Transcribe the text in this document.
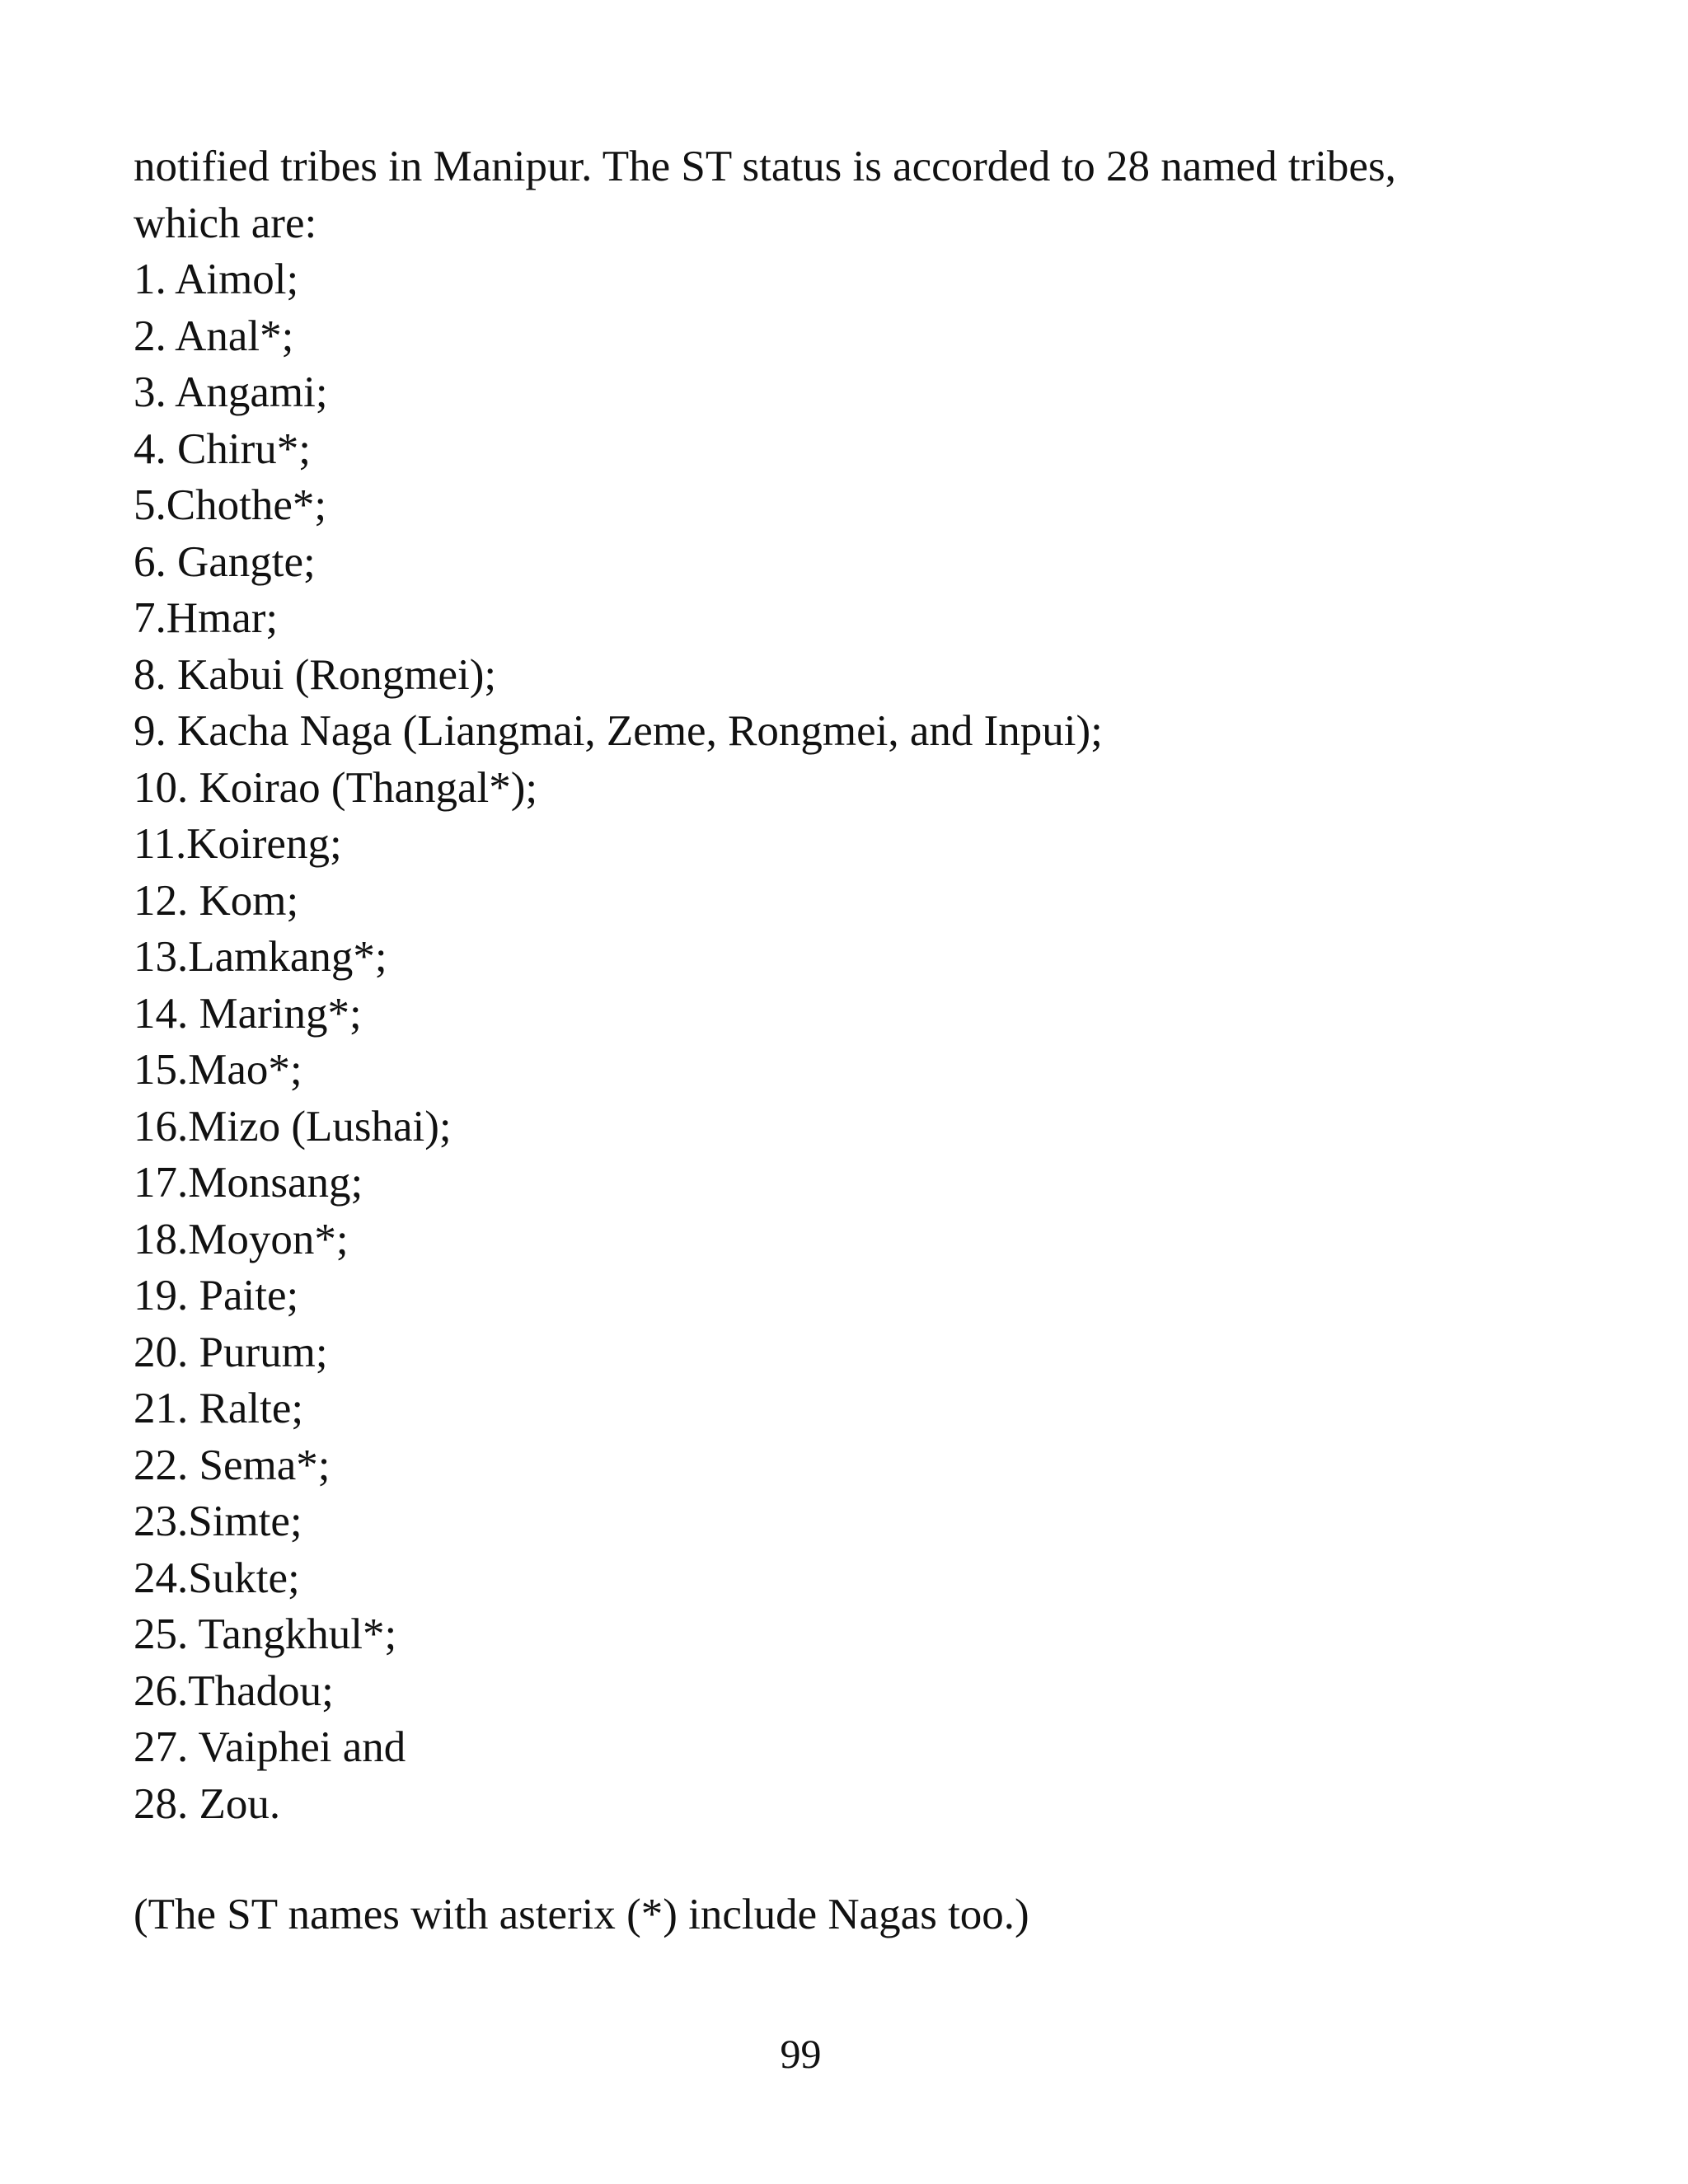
notified tribes in Manipur. The ST status is accorded to 28 named tribes,
which are:
1. Aimol;
2. Anal*;
3. Angami;
4. Chiru*;
5.Chothe*;
6. Gangte;
7.Hmar;
8. Kabui (Rongmei);
9. Kacha Naga (Liangmai, Zeme, Rongmei, and Inpui);
10. Koirao (Thangal*);
11.Koireng;
12. Kom;
13.Lamkang*;
14. Maring*;
15.Mao*;
16.Mizo (Lushai);
17.Monsang;
18.Moyon*;
19. Paite;
20. Purum;
21. Ralte;
22. Sema*;
23.Simte;
24.Sukte;
25. Tangkhul*;
26.Thadou;
27. Vaiphei and
28. Zou.
(The ST names with asterix (*) include Nagas too.)
99
